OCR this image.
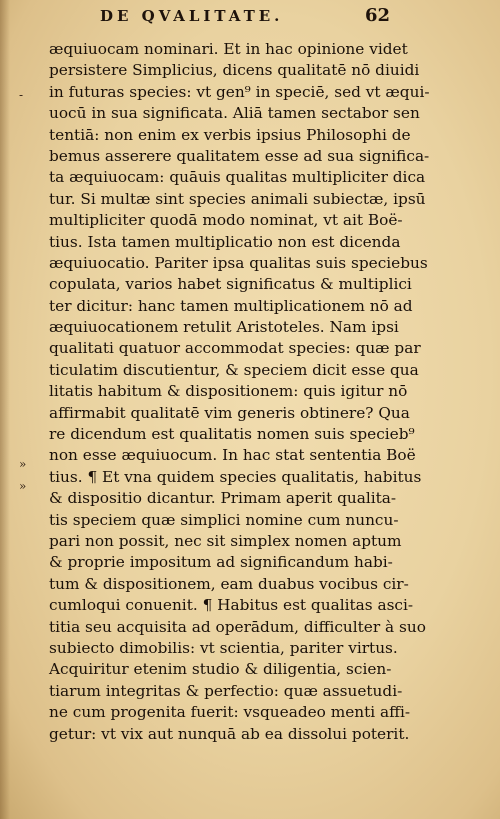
DE QVALITATE.	62
-
»
»
æquiuocam nominari. Et in hac opinione videt
persistere Simplicius, dicens qualitatē nō diuidi
in futuras species: vt gen⁹ in speciē, sed vt æqui-
uocū in sua significata. Aliā tamen sectabor sen
tentiā: non enim ex verbis ipsius Philosophi de
bemus asserere qualitatem esse ad sua significa-
ta æquiuocam: quāuis qualitas multipliciter dica
tur. Si multæ sint species animali subiectæ, ipsū
multipliciter quodā modo nominat, vt ait Boë-
tius. Ista tamen multiplicatio non est dicenda
æquiuocatio. Pariter ipsa qualitas suis speciebus
copulata, varios habet significatus & multiplici
ter dicitur: hanc tamen multiplicationem nō ad
æquiuocationem retulit Aristoteles. Nam ipsi
qualitati quatuor accommodat species: quæ par
ticulatim discutientur, & speciem dicit esse qua
litatis habitum & dispositionem: quis igitur nō
affirmabit qualitatē vim generis obtinere? Qua
re dicendum est qualitatis nomen suis specieb⁹
non esse æquiuocum. In hac stat sententia Boë
tius. ¶ Et vna quidem species qualitatis, habitus
& dispositio dicantur. Primam aperit qualita-
tis speciem quæ simplici nomine cum nuncu-
pari non possit, nec sit simplex nomen aptum
& proprie impositum ad significandum habi-
tum & dispositionem, eam duabus vocibus cir-
cumloqui conuenit. ¶ Habitus est qualitas asci-
titia seu acquisita ad operādum, difficulter à suo
subiecto dimobilis: vt scientia, pariter virtus.
Acquiritur etenim studio & diligentia, scien-
tiarum integritas & perfectio: quæ assuetudi-
ne cum progenita fuerit: vsqueadeo menti affi-
getur: vt vix aut nunquā ab ea dissolui poterit.
